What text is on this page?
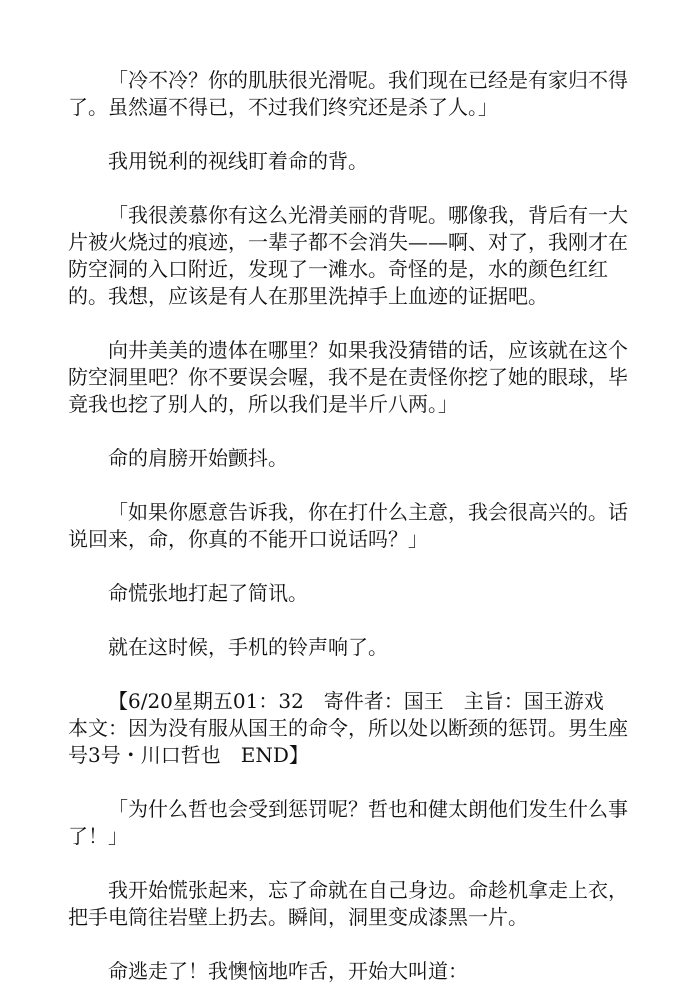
「冷不冷？你的肌肤很光滑呢。我们现在已经是有家归不得了。虽然逼不得已，不过我们终究还是杀了人。」

我用锐利的视线盯着命的背。

「我很羡慕你有这么光滑美丽的背呢。哪像我，背后有一大片被火烧过的痕迹，一辈子都不会消失——啊、对了，我刚才在防空洞的入口附近，发现了一滩水。奇怪的是，水的颜色红红的。我想，应该是有人在那里洗掉手上血迹的证据吧。

向井美美的遗体在哪里？如果我没猜错的话，应该就在这个防空洞里吧？你不要误会喔，我不是在责怪你挖了她的眼球，毕竟我也挖了别人的，所以我们是半斤八两。」

命的肩膀开始颤抖。

「如果你愿意告诉我，你在打什么主意，我会很高兴的。话说回来，命，你真的不能开口说话吗？」

命慌张地打起了简讯。

就在这时候，手机的铃声响了。

【6/20星期五01：32　寄件者：国王　主旨：国王游戏　本文：因为没有服从国王的命令，所以处以断颈的惩罚。男生座号3号・川口哲也　END】

「为什么哲也会受到惩罚呢？哲也和健太朗他们发生什么事了！」

我开始慌张起来，忘了命就在自己身边。命趁机拿走上衣，把手电筒往岩壁上扔去。瞬间，洞里变成漆黑一片。

命逃走了！我懊恼地咋舌，开始大叫道：
